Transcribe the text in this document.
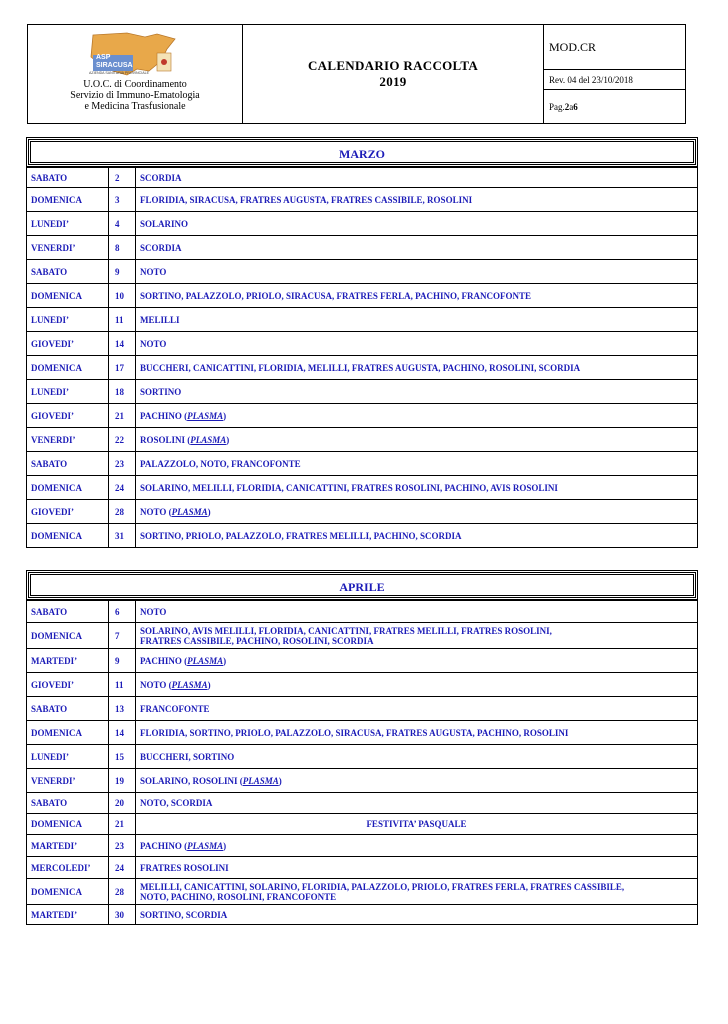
ASP
SIRACUSA
AZIENDA SANITARIA PROVINCIALE
U.O.C. di Coordinamento
Servizio di Immuno-Ematologia
e Medicina Trasfusionale
CALENDARIO RACCOLTA
2019
MOD.CR
Rev. 04 del 23/10/2018
Pag. 2 a 6
MARZO
SABATO	2	SCORDIA
DOMENICA	3	FLORIDIA, SIRACUSA, FRATRES AUGUSTA, FRATRES CASSIBILE, ROSOLINI
LUNEDI’	4	SOLARINO
VENERDI’	8	SCORDIA
SABATO	9	NOTO
DOMENICA	10	SORTINO, PALAZZOLO, PRIOLO, SIRACUSA, FRATRES FERLA, PACHINO, FRANCOFONTE
LUNEDI’	11	MELILLI
GIOVEDI’	14	NOTO
DOMENICA	17	BUCCHERI, CANICATTINI, FLORIDIA, MELILLI, FRATRES AUGUSTA, PACHINO, ROSOLINI, SCORDIA
LUNEDI’	18	SORTINO
GIOVEDI’	21	PACHINO (PLASMA)
VENERDI’	22	ROSOLINI (PLASMA)
SABATO	23	PALAZZOLO, NOTO, FRANCOFONTE
DOMENICA	24	SOLARINO, MELILLI, FLORIDIA, CANICATTINI, FRATRES ROSOLINI, PACHINO, AVIS ROSOLINI
GIOVEDI’	28	NOTO (PLASMA)
DOMENICA	31	SORTINO, PRIOLO, PALAZZOLO, FRATRES MELILLI, PACHINO, SCORDIA
APRILE
SABATO	6	NOTO
DOMENICA	7	SOLARINO, AVIS MELILLI, FLORIDIA, CANICATTINI, FRATRES MELILLI, FRATRES ROSOLINI,
FRATRES CASSIBILE, PACHINO, ROSOLINI, SCORDIA
MARTEDI’	9	PACHINO (PLASMA)
GIOVEDI’	11	NOTO (PLASMA)
SABATO	13	FRANCOFONTE
DOMENICA	14	FLORIDIA, SORTINO, PRIOLO, PALAZZOLO, SIRACUSA, FRATRES AUGUSTA, PACHINO, ROSOLINI
LUNEDI’	15	BUCCHERI, SORTINO
VENERDI’	19	SOLARINO, ROSOLINI (PLASMA)
SABATO	20	NOTO, SCORDIA
DOMENICA	21	FESTIVITA’ PASQUALE

MARTEDI’	23	PACHINO (PLASMA)
MERCOLEDI’	24	FRATRES ROSOLINI
DOMENICA	28	MELILLI, CANICATTINI, SOLARINO, FLORIDIA, PALAZZOLO, PRIOLO, FRATRES FERLA, FRATRES CASSIBILE,
NOTO, PACHINO, ROSOLINI, FRANCOFONTE
MARTEDI’	30	SORTINO, SCORDIA
